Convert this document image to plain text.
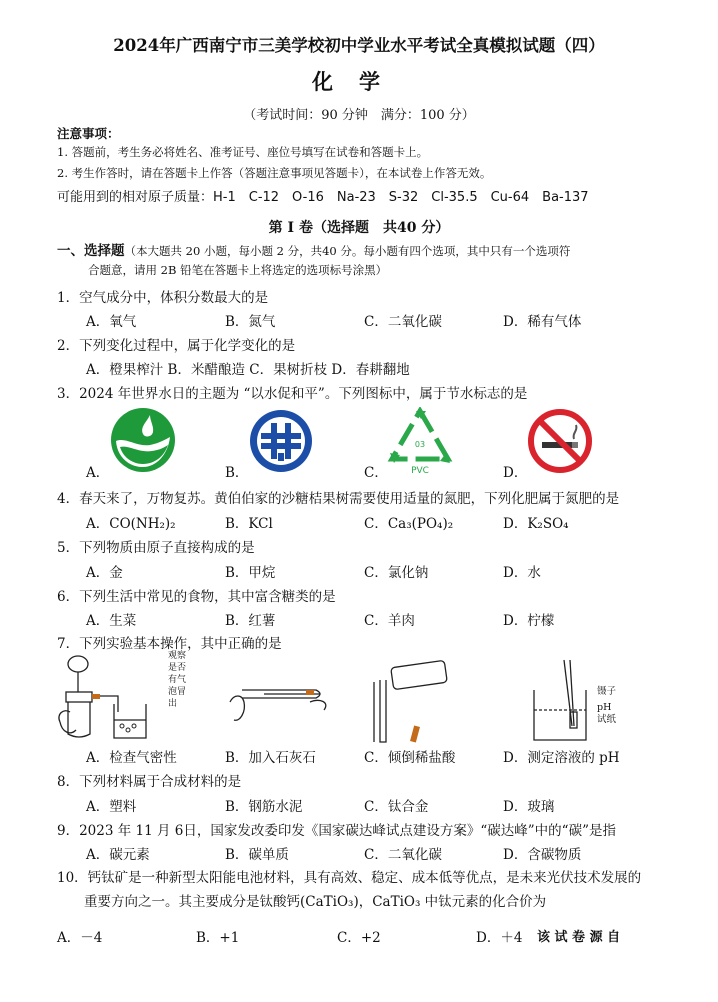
2024年广西南宁市三美学校初中学业水平考试全真模拟试题（四）
化学
（考试时间：90 分钟　满分：100 分）
注意事项：
1. 答题前，考生务必将姓名、准考证号、座位号填写在试卷和答题卡上。
2. 考生作答时，请在答题卡上作答（答题注意事项见答题卡），在本试卷上作答无效。
可能用到的相对原子质量：H-1　C-12　O-16　Na-23　S-32　Cl-35.5　Cu-64　Ba-137
第 I 卷（选择题　共40 分）
一、选择题（本大题共 20 小题，每小题 2 分，共40 分。每小题有四个选项，其中只有一个选项符
合题意，请用 2B 铅笔在答题卡上将选定的选项标号涂黑）
1．空气成分中，体积分数最大的是
A．氧气	B．氮气	C．二氧化碳	D．稀有气体
2．下列变化过程中，属于化学变化的是
A．橙果榨汁 B．米醋酿造 C．果树折枝 D．春耕翻地
3．2024 年世界水日的主题为 “以水促和平”。下列图标中，属于节水标志的是
A．	B．	C．	D．
03
PVC
4．春天来了，万物复苏。黄伯伯家的沙糖桔果树需要使用适量的氮肥，下列化肥属于氮肥的是
A．CO(NH₂)₂	B．KCl	C．Ca₃(PO₄)₂	D．K₂SO₄
5．下列物质由原子直接构成的是
A．金	B．甲烷	C．氯化钠	D．水
6．下列生活中常见的食物，其中富含糖类的是
A．生菜	B．红薯	C．羊肉	D．柠檬
7．下列实验基本操作，其中正确的是
观察
是否
有气
泡冒
出
镊子
pH
试纸
A．检查气密性	B．加入石灰石	C．倾倒稀盐酸	D．测定溶液的 pH
8．下列材料属于合成材料的是
A．塑料	B．钢筋水泥	C．钛合金	D．玻璃
9．2023 年 11 月 6日，国家发改委印发《国家碳达峰试点建设方案》“碳达峰”中的“碳”是指
A．碳元素	B．碳单质	C．二氧化碳	D．含碳物质
10．钙钛矿是一种新型太阳能电池材料，具有高效、稳定、成本低等优点，是未来光伏技术发展的
重要方向之一。其主要成分是钛酸钙(CaTiO₃)，CaTiO₃ 中钛元素的化合价为
A．－4	B．+1	C．+2	D．＋4 该 试 卷 源 自
